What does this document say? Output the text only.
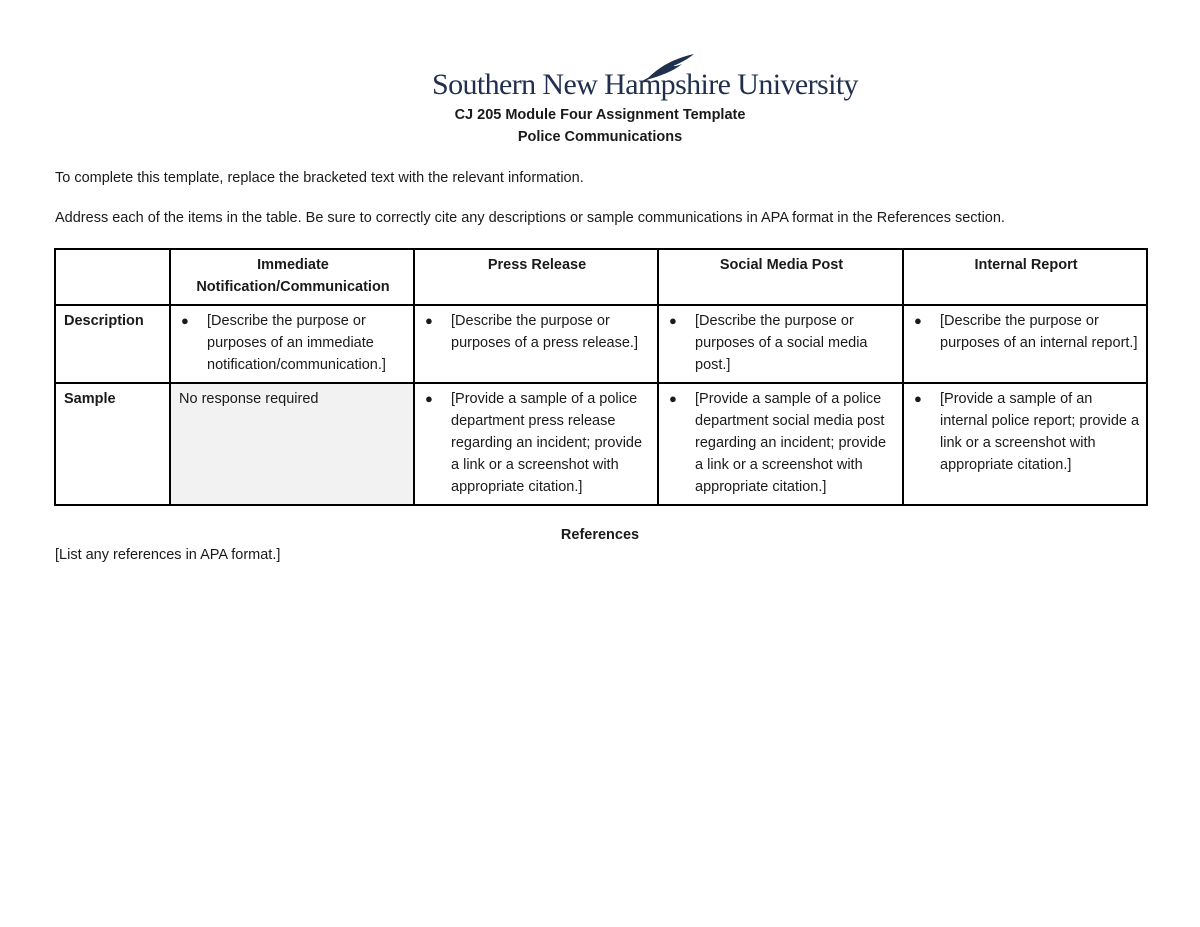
Southern New Hampshire University
CJ 205 Module Four Assignment Template
Police Communications
To complete this template, replace the bracketed text with the relevant information.
Address each of the items in the table. Be sure to correctly cite any descriptions or sample communications in APA format in the References section.
	Immediate Notification/Communication	Press Release	Social Media Post	Internal Report
Description	● [Describe the purpose or purposes of an immediate notification/communication.]	● [Describe the purpose or purposes of a press release.]	● [Describe the purpose or purposes of a social media post.]	● [Describe the purpose or purposes of an internal report.]

Sample	No response required	● [Provide a sample of a police department press release regarding an incident; provide a link or a screenshot with appropriate citation.]	● [Provide a sample of a police department social media post regarding an incident; provide a link or a screenshot with appropriate citation.]	● [Provide a sample of an internal police report; provide a link or a screenshot with appropriate citation.]
References
[List any references in APA format.]
